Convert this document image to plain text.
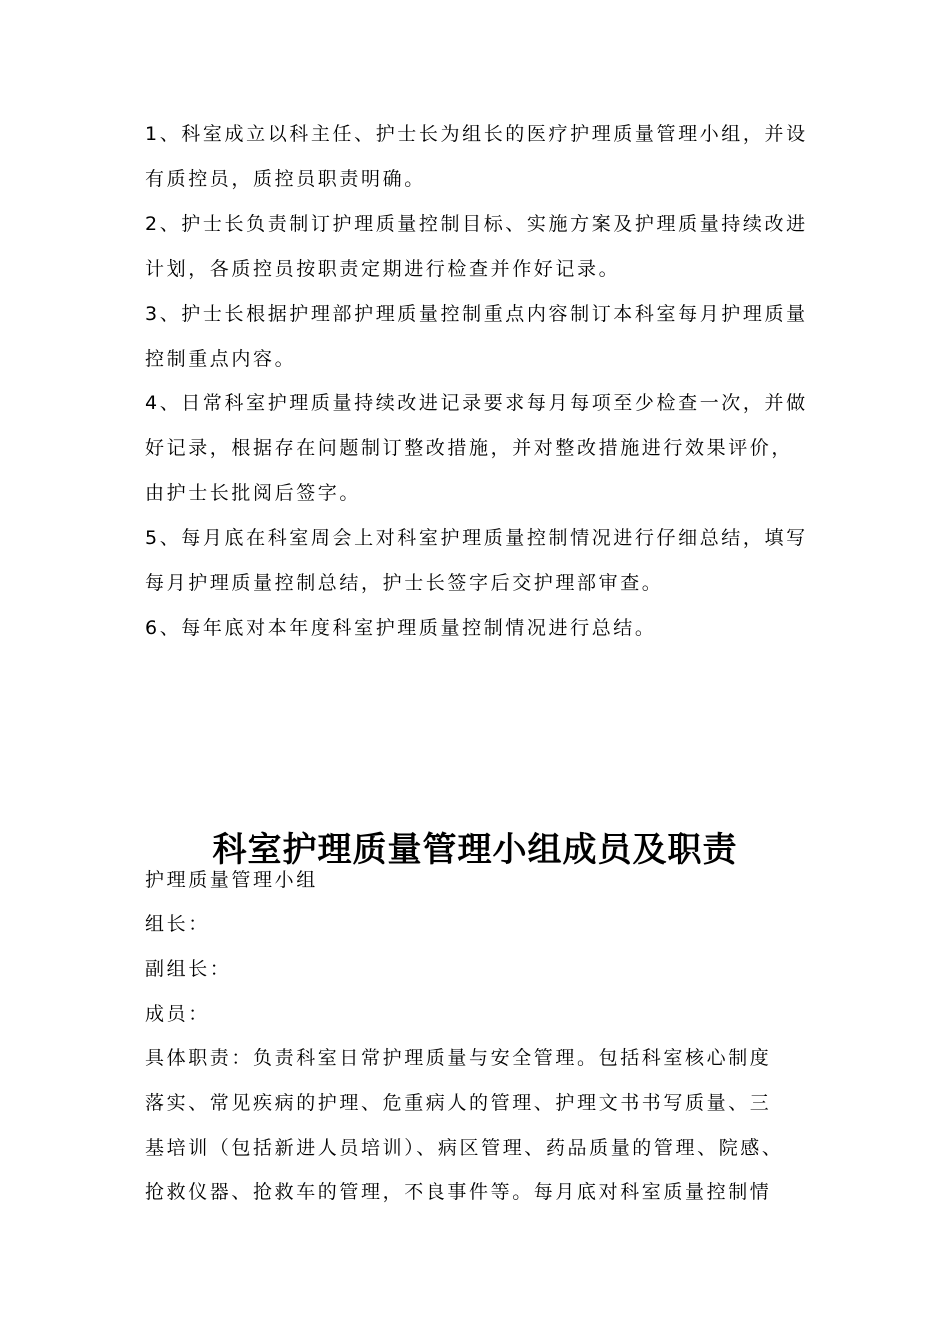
1、科室成立以科主任、护士长为组长的医疗护理质量管理小组，并设有质控员，质控员职责明确。

2、护士长负责制订护理质量控制目标、实施方案及护理质量持续改进计划，各质控员按职责定期进行检查并作好记录。

3、护士长根据护理部护理质量控制重点内容制订本科室每月护理质量控制重点内容。

4、日常科室护理质量持续改进记录要求每月每项至少检查一次，并做好记录，根据存在问题制订整改措施，并对整改措施进行效果评价，由护士长批阅后签字。

5、每月底在科室周会上对科室护理质量控制情况进行仔细总结，填写每月护理质量控制总结，护士长签字后交护理部审查。

6、每年底对本年度科室护理质量控制情况进行总结。

科室护理质量管理小组成员及职责

护理质量管理小组

组长：

副组长：

成员：

具体职责：负责科室日常护理质量与安全管理。包括科室核心制度

落实、常见疾病的护理、危重病人的管理、护理文书书写质量、三

基培训（包括新进人员培训）、病区管理、药品质量的管理、院感、

抢救仪器、抢救车的管理，不良事件等。每月底对科室质量控制情
